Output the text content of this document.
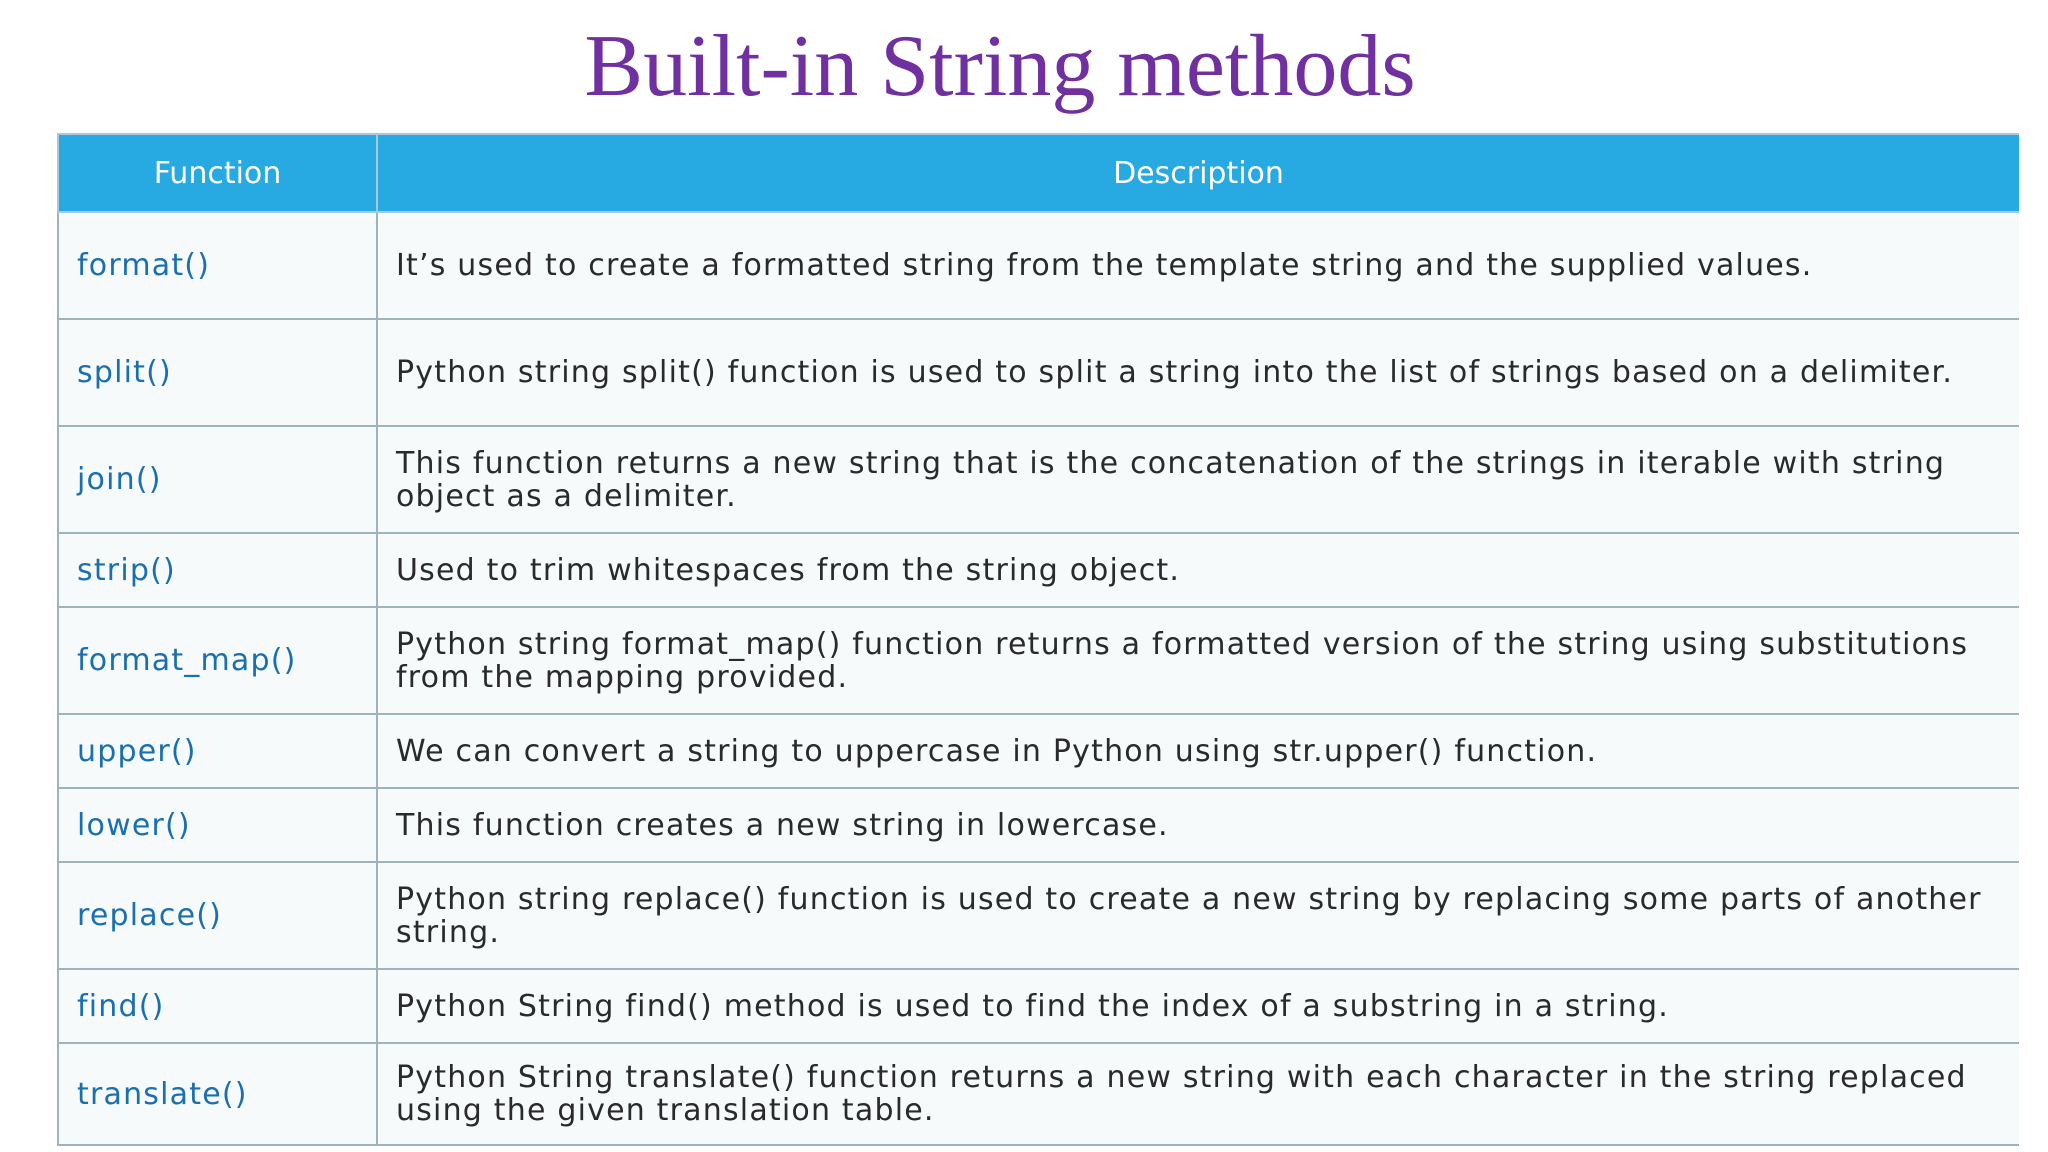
Built-in String methods
Function	Description
format()	It’s used to create a formatted string from the template string and the supplied values.
split()	Python string split() function is used to split a string into the list of strings based on a delimiter.
join()	This function returns a new string that is the concatenation of the strings in iterable with string object as a delimiter.
strip()	Used to trim whitespaces from the string object.
format_map()	Python string format_map() function returns a formatted version of the string using substitutions from the mapping provided.
upper()	We can convert a string to uppercase in Python using str.upper() function.
lower()	This function creates a new string in lowercase.
replace()	Python string replace() function is used to create a new string by replacing some parts of another string.
find()	Python String find() method is used to find the index of a substring in a string.
translate()	Python String translate() function returns a new string with each character in the string replaced using the given translation table.
